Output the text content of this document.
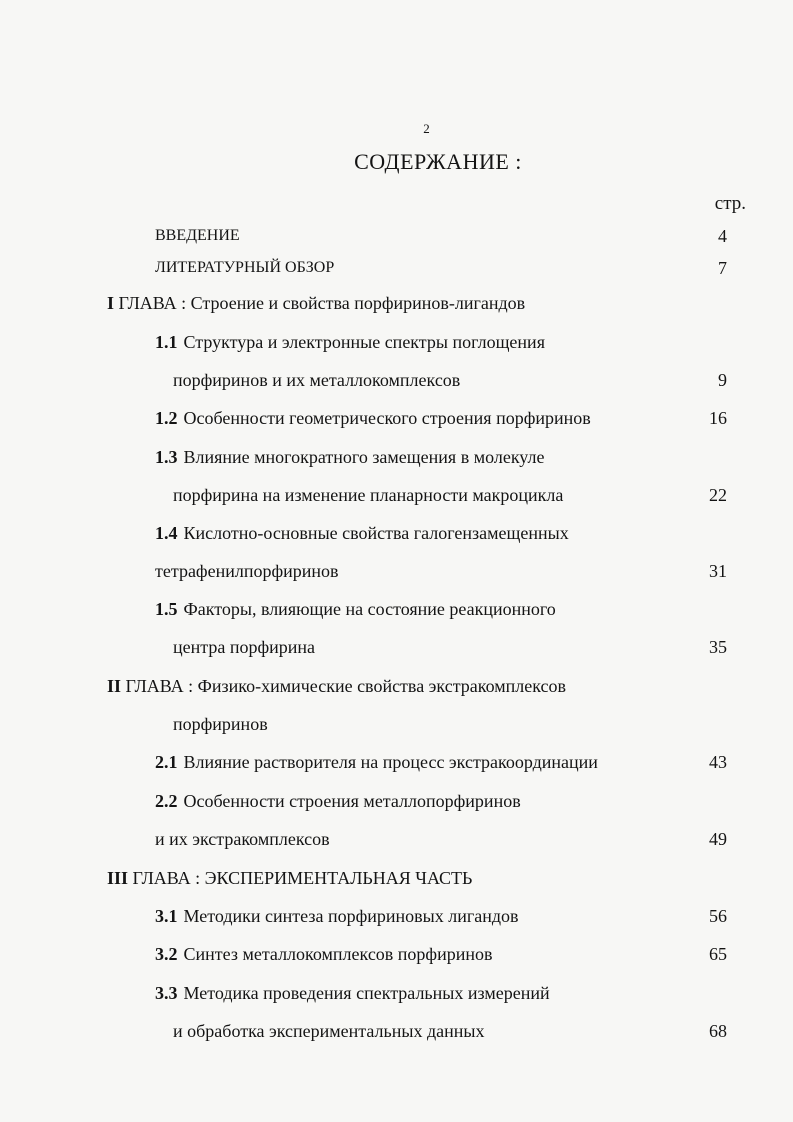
2
СОДЕРЖАНИЕ :
стр.
ВВЕДЕНИЕ	4
ЛИТЕРАТУРНЫЙ ОБЗОР	7
I ГЛАВА : Строение и свойства порфиринов-лигандов
1.1 Структура и электронные спектры поглощения
порфиринов и их металлокомплексов	9
1.2 Особенности геометрического строения порфиринов	16
1.3 Влияние многократного замещения в молекуле
порфирина на изменение планарности макроцикла	22
1.4 Кислотно-основные свойства галогензамещенных
тетрафенилпорфиринов	31
1.5 Факторы, влияющие на состояние реакционного
центра порфирина	35
II ГЛАВА : Физико-химические свойства экстракомплексов
порфиринов
2.1 Влияние растворителя на процесс экстракоординации	43
2.2 Особенности строения металлопорфиринов
и их экстракомплексов	49
III ГЛАВА : ЭКСПЕРИМЕНТАЛЬНАЯ ЧАСТЬ
3.1 Методики синтеза порфириновых лигандов	56
3.2 Синтез металлокомплексов порфиринов	65
3.3 Методика проведения спектральных измерений
и обработка экспериментальных данных	68
